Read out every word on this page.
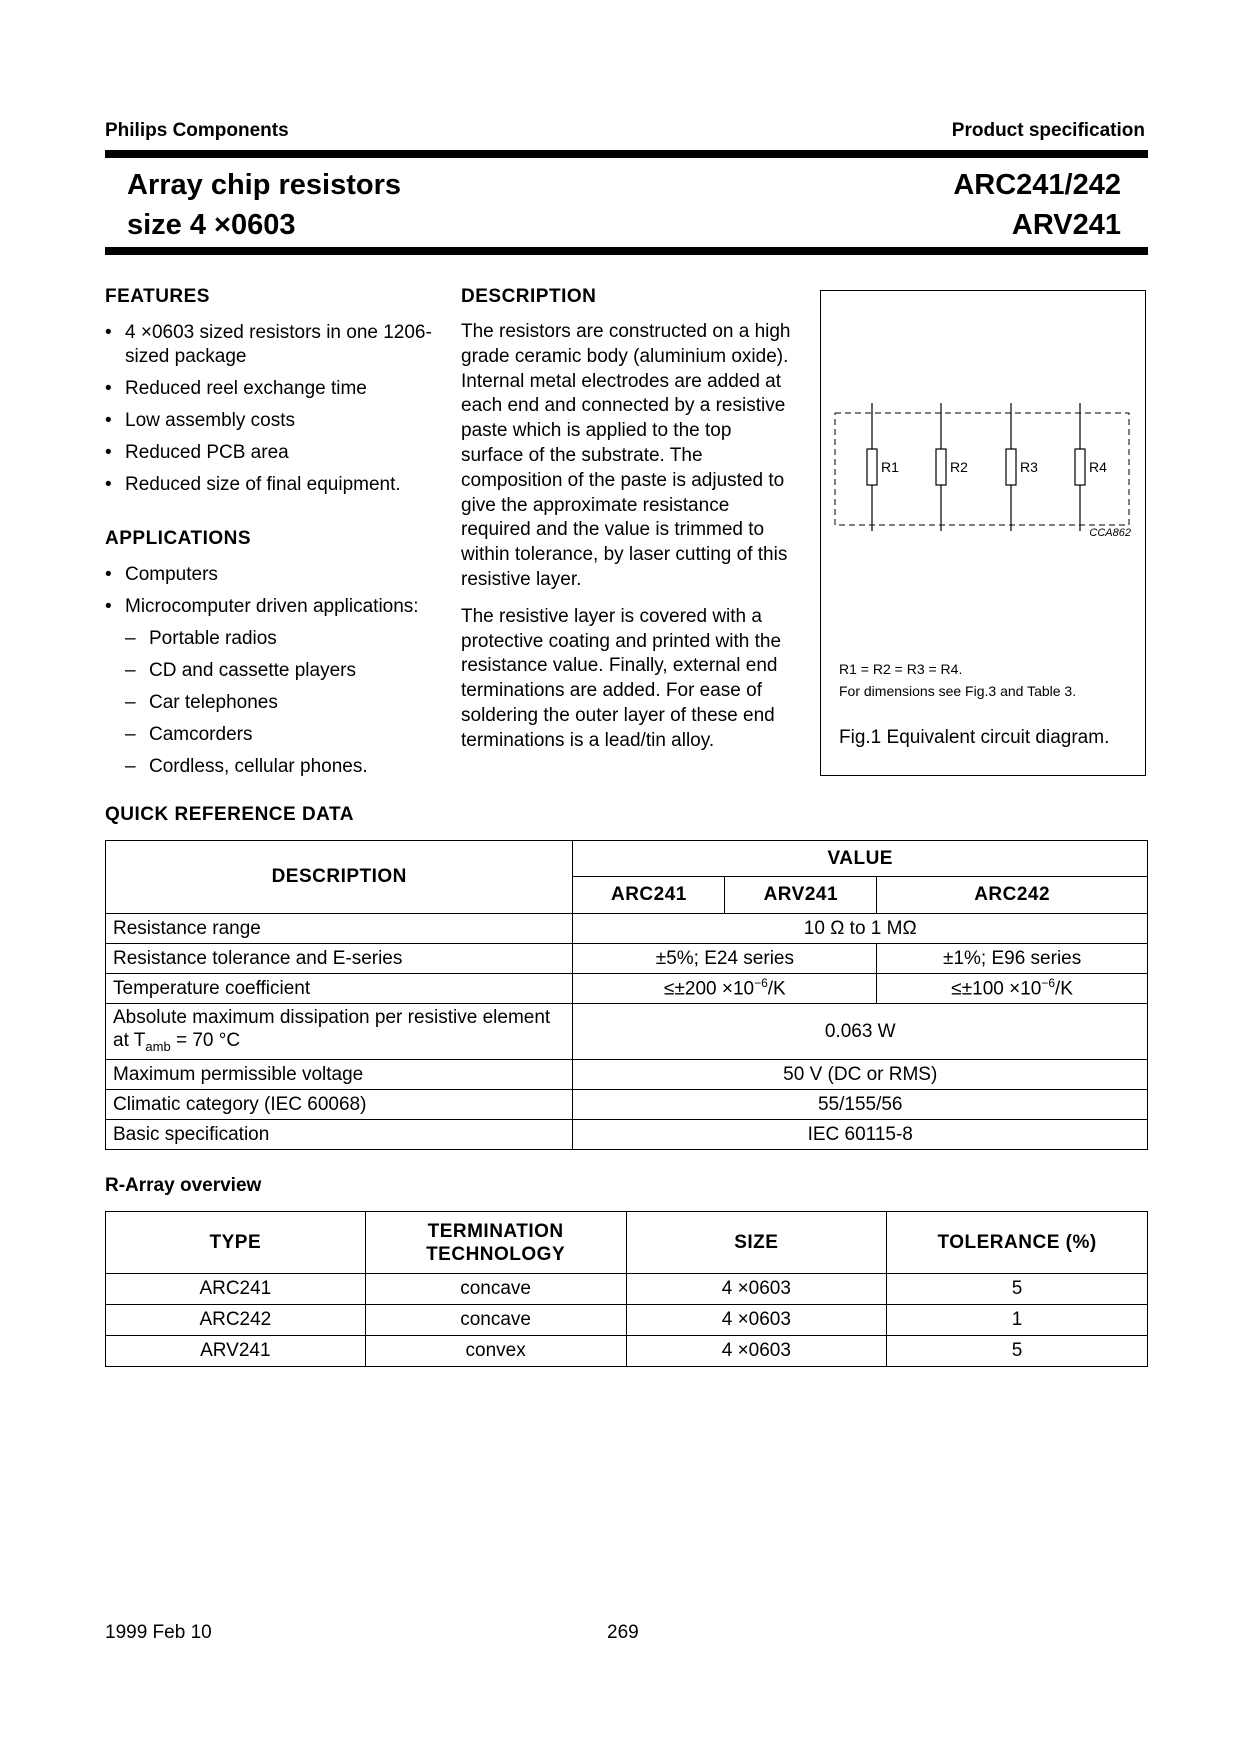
Philips Components	Product specification
Array chip resistors
size 4 ×0603
ARC241/242
ARV241
FEATURES
• 4 ×0603 sized resistors in one 1206-sized package
• Reduced reel exchange time
• Low assembly costs
• Reduced PCB area
• Reduced size of final equipment.
APPLICATIONS
• Computers
• Microcomputer driven applications:
– Portable radios
– CD and cassette players
– Car telephones
– Camcorders
– Cordless, cellular phones.
DESCRIPTION

The resistors are constructed on a high grade ceramic body (aluminium oxide). Internal metal electrodes are added at each end and connected by a resistive paste which is applied to the top surface of the substrate. The composition of the paste is adjusted to give the approximate resistance required and the value is trimmed to within tolerance, by laser cutting of this resistive layer.

The resistive layer is covered with a protective coating and printed with the resistance value. Finally, external end terminations are added. For ease of soldering the outer layer of these end terminations is a lead/tin alloy.

R1	R2	R3	R4
CCA862
R1 = R2 = R3 = R4.
For dimensions see Fig.3 and Table 3.
Fig.1 Equivalent circuit diagram.
QUICK REFERENCE DATA
DESCRIPTION	VALUE		
	ARC241	ARV241	ARC242
Resistance range	10 Ω to 1 MΩ		
Resistance tolerance and E-series	±5%; E24 series		±1%; E96 series
Temperature coefficient	$\le\pm 200 \times 10^{-6}/K$		$\le\pm 100 \times 10^{-6}/K$

Absolute maximum dissipation per resistive element
at $T_{amb} = 70$ °C	0.063 W		
Maximum permissible voltage	50 V (DC or RMS)		
Climatic category (IEC 60068)	55/155/56		
Basic specification	IEC 60115-8		
R-Array overview
TYPE	TERMINATION TECHNOLOGY	SIZE	TOLERANCE (%)
ARC241	concave	4 ×0603	5
ARC242	concave	4 ×0603	1
ARV241	convex	4 ×0603	5
1999 Feb 10	269
